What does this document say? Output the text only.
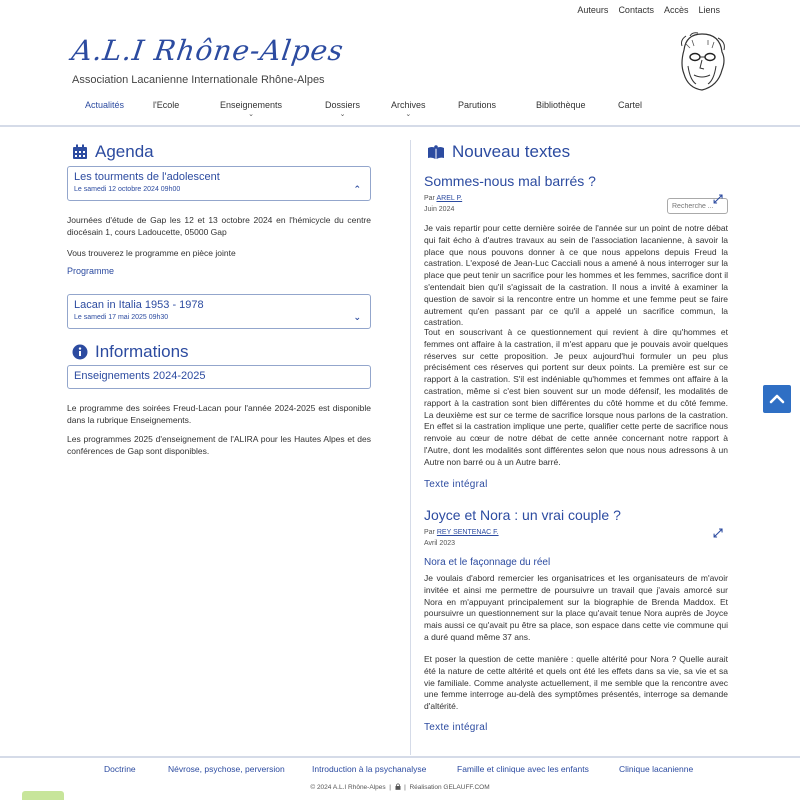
Auteurs Contacts Accès Liens
A.L.I Rhône-Alpes
Association Lacanienne Internationale Rhône-Alpes
Actualités	l'Ecole	Enseignements
⌄
Dossiers
⌄
Archives
⌄
Parutions	Bibliothèque	Cartel
Recherche ...
Agenda
Les tourments de l'adolescent
Le samedi 12 octobre 2024 09h00	⌃
Journées d'étude de Gap les 12 et 13 octobre 2024 en l'hémicycle du centre diocésain 1, cours Ladoucette, 05000 Gap
Vous trouverez le programme en pièce jointe
Programme
Lacan in Italia 1953 - 1978
Le samedi 17 mai 2025 09h30	⌄
Informations
Enseignements 2024-2025
Le programme des soirées Freud-Lacan pour l'année 2024-2025 est disponible dans la rubrique Enseignements.
Les programmes 2025 d'enseignement de l'ALIRA pour les Hautes Alpes et des conférences de Gap sont disponibles.
Nouveau textes
Sommes-nous mal barrés ?
⤢
Par AREL P.
Juin 2024
Je vais repartir pour cette dernière soirée de l'année sur un point de notre débat qui fait écho à d'autres travaux au sein de l'association lacanienne, à savoir la place que nous pouvons donner à ce que nous appelons depuis Freud la castration. L'exposé de Jean-Luc Cacciali nous a amené à nous interroger sur la place que peut tenir un sacrifice pour les hommes et les femmes, sacrifice dont il s'entendait bien qu'il s'agissait de la castration. Il nous a invité à examiner la question de savoir si la rencontre entre un homme et une femme peut se faire autrement qu'en passant par ce qu'il a appelé un sacrifice commun, la castration.
Tout en souscrivant à ce questionnement qui revient à dire qu'hommes et femmes ont affaire à la castration, il m'est apparu que je pouvais avoir quelques réserves sur cette proposition. Je peux aujourd'hui formuler un peu plus précisément ces réserves qui portent sur deux points. La première est sur ce rapport à la castration. S'il est indéniable qu'hommes et femmes ont affaire à la castration, même si c'est bien souvent sur un mode défensif, les modalités de rapport à la castration sont bien différentes du côté homme et du côté femme. La deuxième est sur ce terme de sacrifice lorsque nous parlons de la castration. En effet si la castration implique une perte, qualifier cette perte de sacrifice nous renvoie au cœur de notre débat de cette année concernant notre rapport à l'Autre, dont les modalités sont différentes selon que nous nous adressons à un Autre non barré ou à un Autre barré.
Texte intégral
Joyce et Nora : un vrai couple ?
⤢
Par REY SENTENAC F.
Avril 2023
Nora et le façonnage du réel
Je voulais d'abord remercier les organisatrices et les organisateurs de m'avoir invitée et ainsi me permettre de poursuivre un travail que j'avais amorcé sur Nora en m'appuyant principalement sur la biographie de Brenda Maddox. Et poursuivre un questionnement sur la place qu'avait tenue Nora auprès de Joyce mais aussi ce qu'avait pu être sa place, son espace dans cette vie commune qui a duré quand même 37 ans.
Et poser la question de cette manière : quelle altérité pour Nora ? Quelle aurait été la nature de cette altérité et quels ont été les effets dans sa vie, sa vie et sa vie familiale. Comme analyste actuellement, il me semble que la rencontre avec une femme interroge au-delà des symptômes présentés, interroge sa demande d'altérité.
Texte intégral
Doctrine	Névrose, psychose, perversion	Introduction à la psychanalyse	Famille et clinique avec les enfants	Clinique lacanienne
© 2024 A.L.I Rhône-Alpes  |    |  Réalisation GELAUFF.COM
